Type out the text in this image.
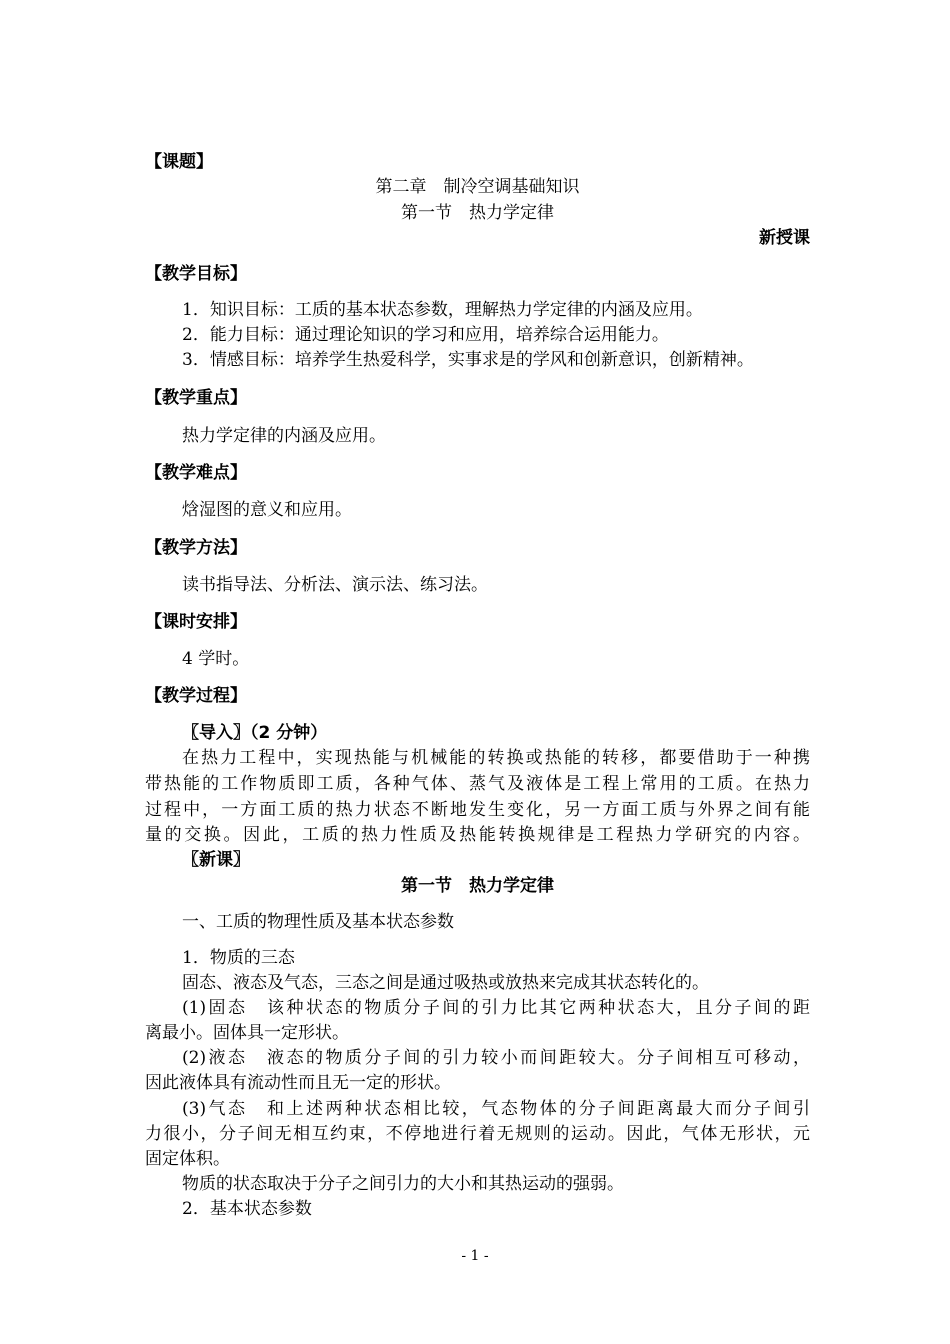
【课题】
第二章　制冷空调基础知识
第一节　热力学定律
新授课
【教学目标】
1．知识目标：工质的基本状态参数，理解热力学定律的内涵及应用。
2．能力目标：通过理论知识的学习和应用，培养综合运用能力。
3．情感目标：培养学生热爱科学，实事求是的学风和创新意识，创新精神。
【教学重点】
热力学定律的内涵及应用。
【教学难点】
焓湿图的意义和应用。
【教学方法】
读书指导法、分析法、演示法、练习法。
【课时安排】
4 学时。
【教学过程】
〖导入〗（2 分钟）
在热力工程中，实现热能与机械能的转换或热能的转移，都要借助于一种携
带热能的工作物质即工质，各种气体、蒸气及液体是工程上常用的工质。在热力
过程中，一方面工质的热力状态不断地发生变化，另一方面工质与外界之间有能
量的交换。因此，工质的热力性质及热能转换规律是工程热力学研究的内容。
〖新课〗
第一节　热力学定律
一、工质的物理性质及基本状态参数
1．物质的三态
固态、液态及气态，三态之间是通过吸热或放热来完成其状态转化的。
(1)固态　该种状态的物质分子间的引力比其它两种状态大，且分子间的距
离最小。固体具一定形状。
(2)液态　液态的物质分子间的引力较小而间距较大。分子间相互可移动，
因此液体具有流动性而且无一定的形状。
(3)气态　和上述两种状态相比较，气态物体的分子间距离最大而分子间引
力很小，分子间无相互约束，不停地进行着无规则的运动。因此，气体无形状，元
固定体积。
物质的状态取决于分子之间引力的大小和其热运动的强弱。
2．基本状态参数
- 1 -
